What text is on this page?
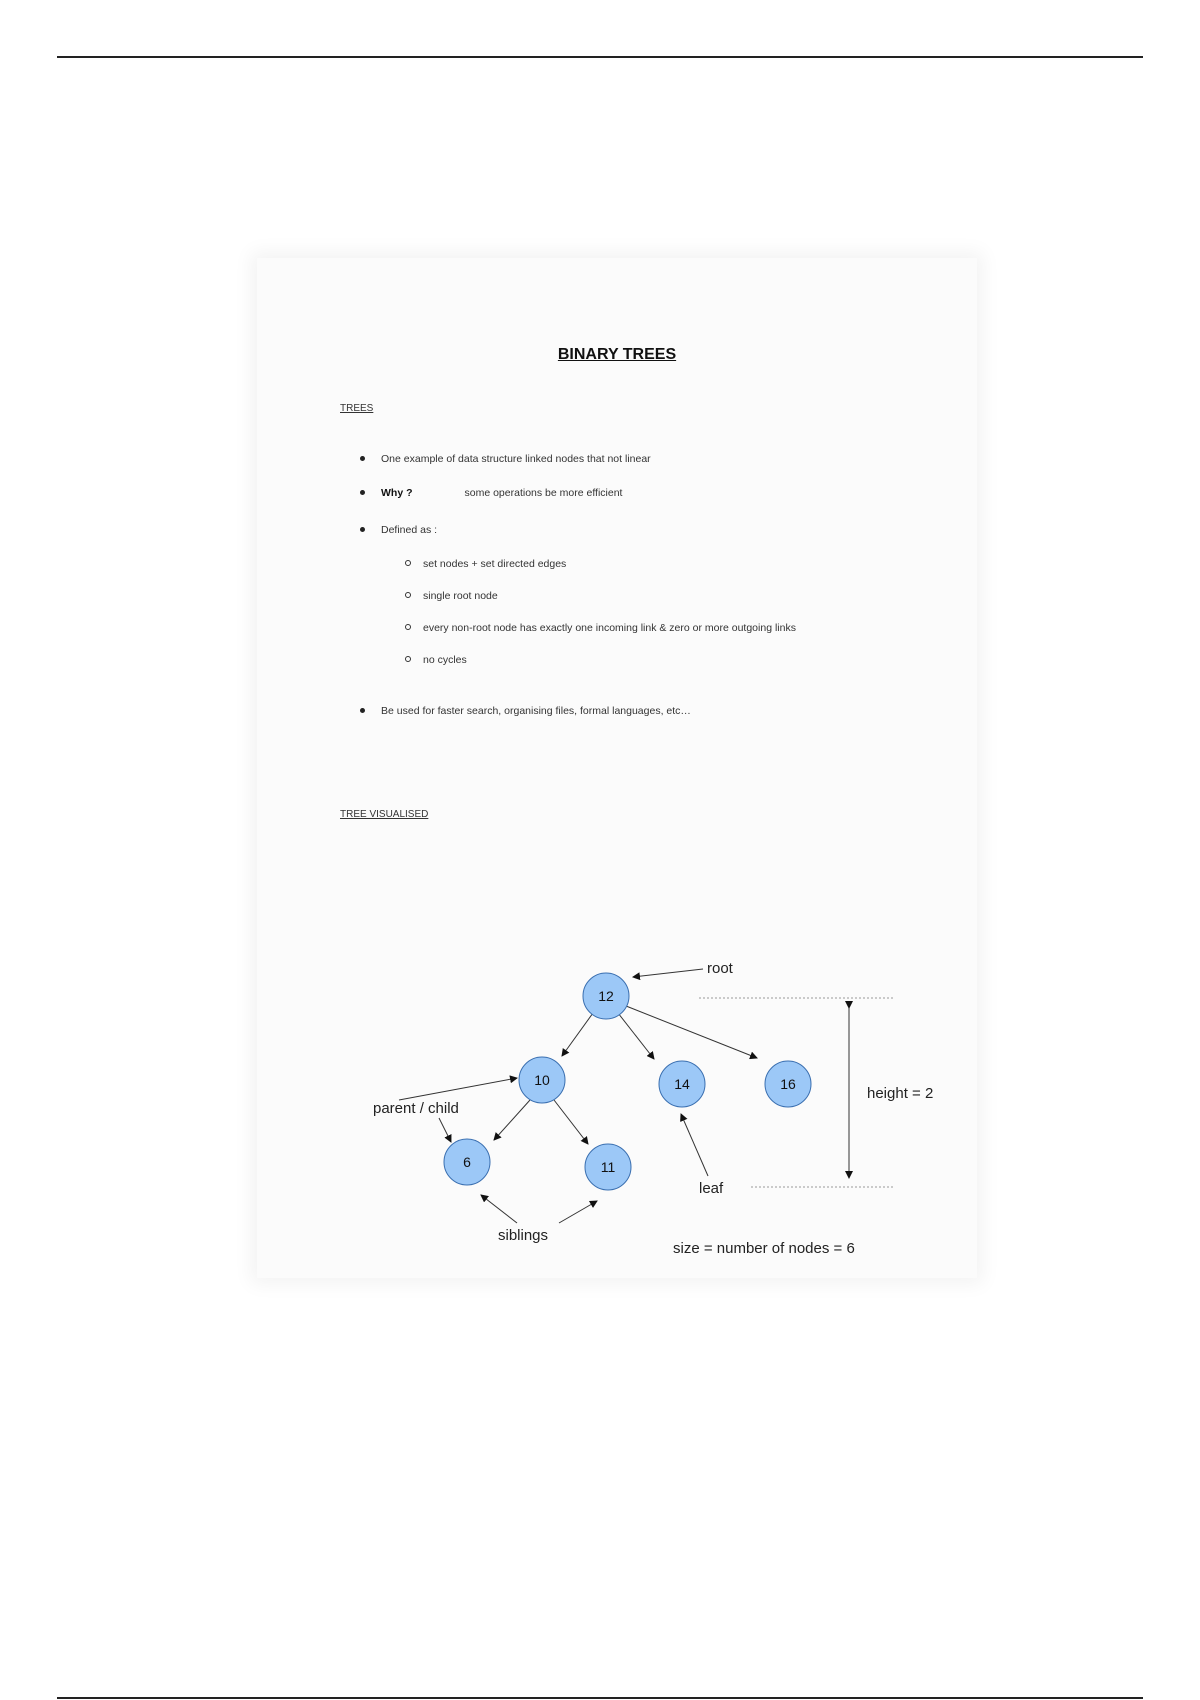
BINARY TREES
TREES
One example of data structure linked nodes that not linear
Why ?	some operations be more efficient
Defined as :
set nodes + set directed edges
single root node
every non-root node has exactly one incoming link & zero or more outgoing links
no cycles
Be used for faster search, organising files, formal languages, etc…
TREE VISUALISED
12
10	14	16
6	11
root
parent / child
leaf
siblings
height = 2
size = number of nodes = 6
